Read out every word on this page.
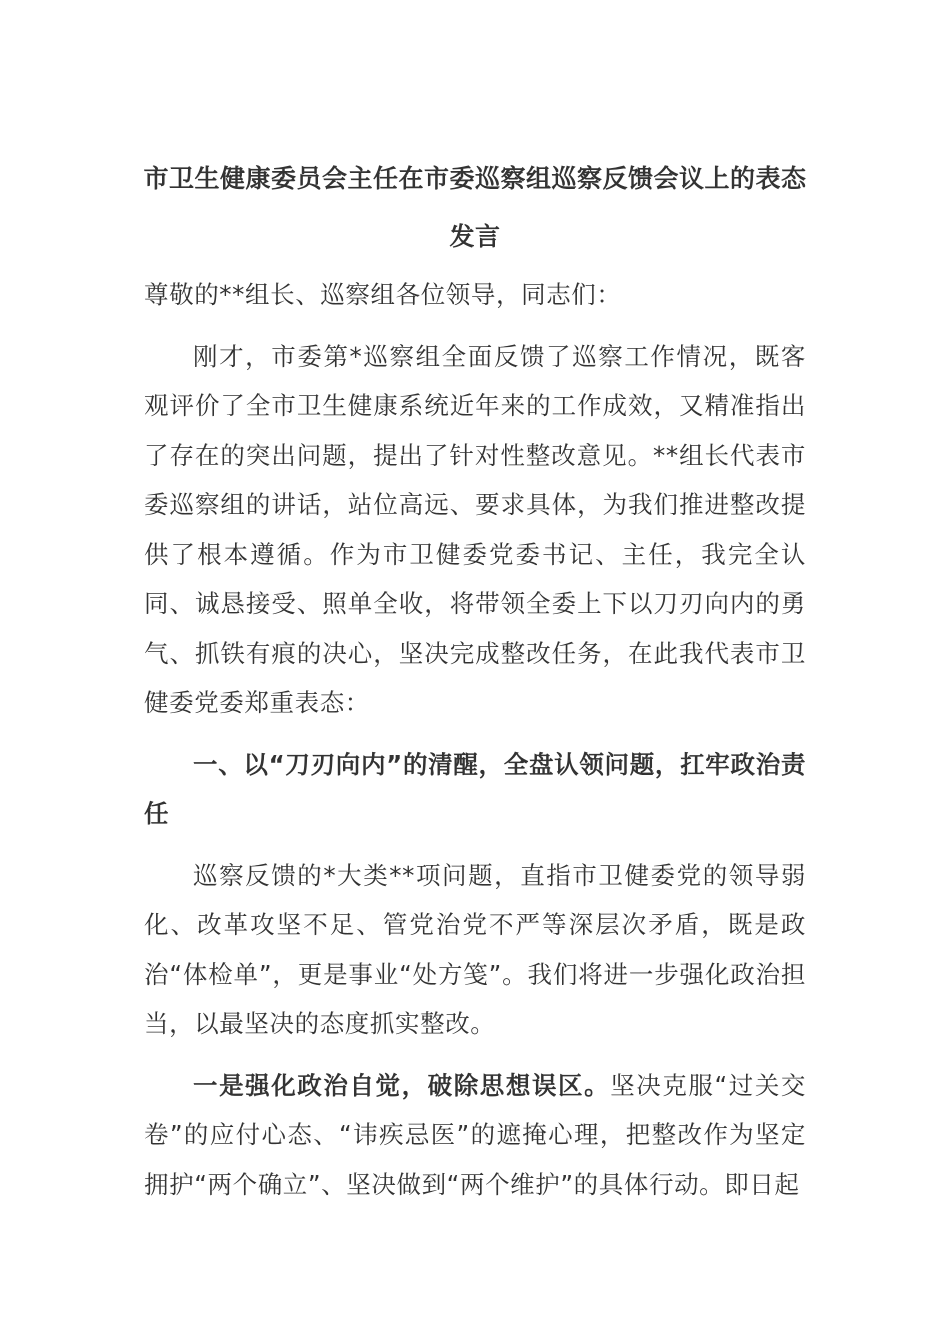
市卫生健康委员会主任在市委巡察组巡察反馈会议上的表态发言

尊敬的**组长、巡察组各位领导，同志们：

刚才，市委第*巡察组全面反馈了巡察工作情况，既客观评价了全市卫生健康系统近年来的工作成效，又精准指出了存在的突出问题，提出了针对性整改意见。**组长代表市委巡察组的讲话，站位高远、要求具体，为我们推进整改提供了根本遵循。作为市卫健委党委书记、主任，我完全认同、诚恳接受、照单全收，将带领全委上下以刀刃向内的勇气、抓铁有痕的决心，坚决完成整改任务，在此我代表市卫健委党委郑重表态：

一、以“刀刃向内”的清醒，全盘认领问题，扛牢政治责任

巡察反馈的*大类**项问题，直指市卫健委党的领导弱化、改革攻坚不足、管党治党不严等深层次矛盾，既是政治“体检单”，更是事业“处方笺”。我们将进一步强化政治担当，以最坚决的态度抓实整改。

一是强化政治自觉，破除思想误区。坚决克服“过关交卷”的应付心态、“讳疾忌医”的遮掩心理，把整改作为坚定拥护“两个确立”、坚决做到“两个维护”的具体行动。即日起
